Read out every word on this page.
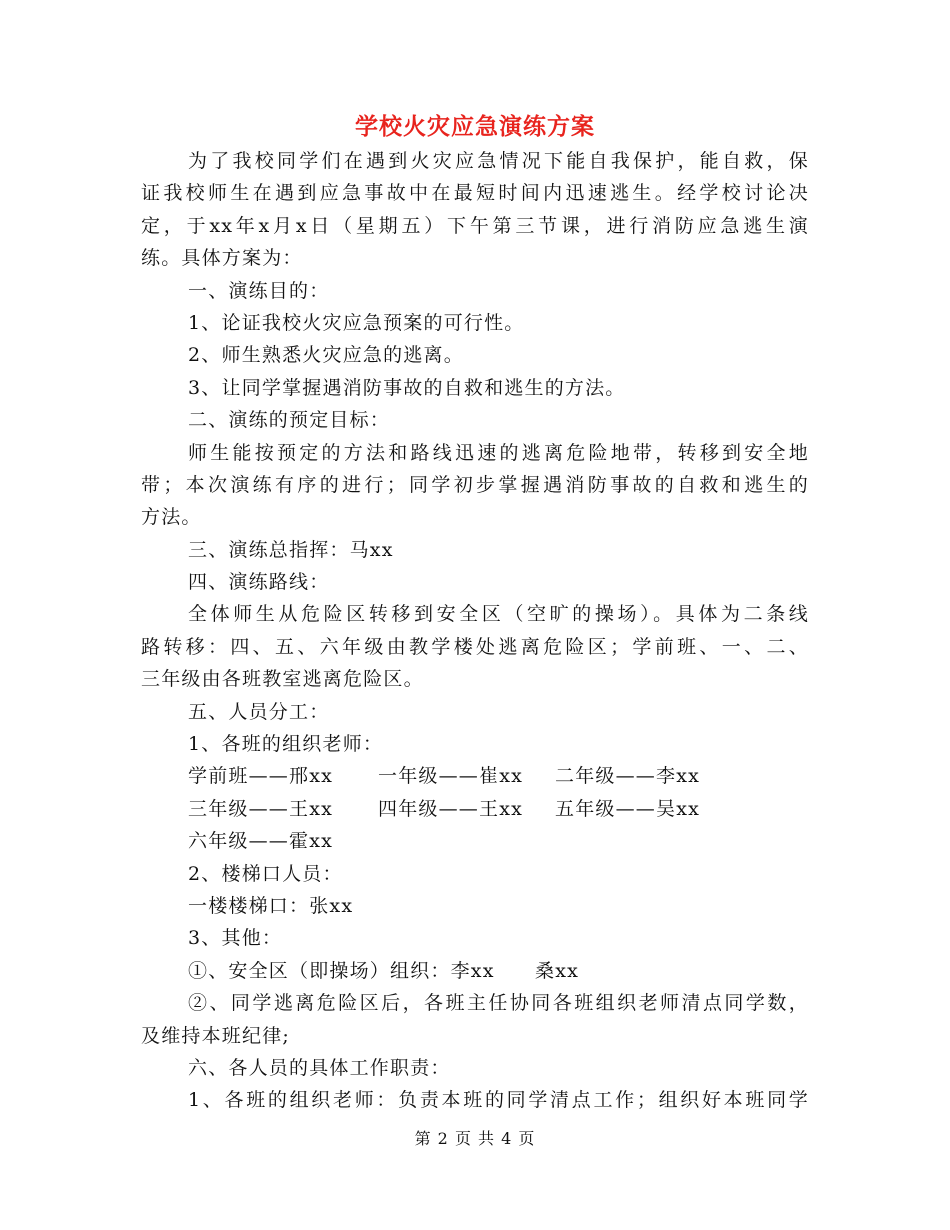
学校火灾应急演练方案
为了我校同学们在遇到火灾应急情况下能自我保护，能自救，保
证我校师生在遇到应急事故中在最短时间内迅速逃生。经学校讨论决
定，于xx年x月x日（星期五）下午第三节课，进行消防应急逃生演
练。具体方案为：
一、演练目的：
1、论证我校火灾应急预案的可行性。
2、师生熟悉火灾应急的逃离。
3、让同学掌握遇消防事故的自救和逃生的方法。
二、演练的预定目标：
师生能按预定的方法和路线迅速的逃离危险地带，转移到安全地
带；本次演练有序的进行；同学初步掌握遇消防事故的自救和逃生的
方法。
三、演练总指挥：马xx
四、演练路线：
全体师生从危险区转移到安全区（空旷的操场）。具体为二条线
路转移：四、五、六年级由教学楼处逃离危险区；学前班、一、二、
三年级由各班教室逃离危险区。
五、人员分工：
1、各班的组织老师：
学前班——邢xx	一年级——崔xx	二年级——李xx
三年级——王xx	四年级——王xx	五年级——吴xx
六年级——霍xx
2、楼梯口人员：
一楼楼梯口：张xx
3、其他：
①、安全区（即操场）组织：李xx　　桑xx
②、同学逃离危险区后，各班主任协同各班组织老师清点同学数，
及维持本班纪律;
六、各人员的具体工作职责：
1、各班的组织老师：负责本班的同学清点工作；组织好本班同学
第 2 页 共 4 页
